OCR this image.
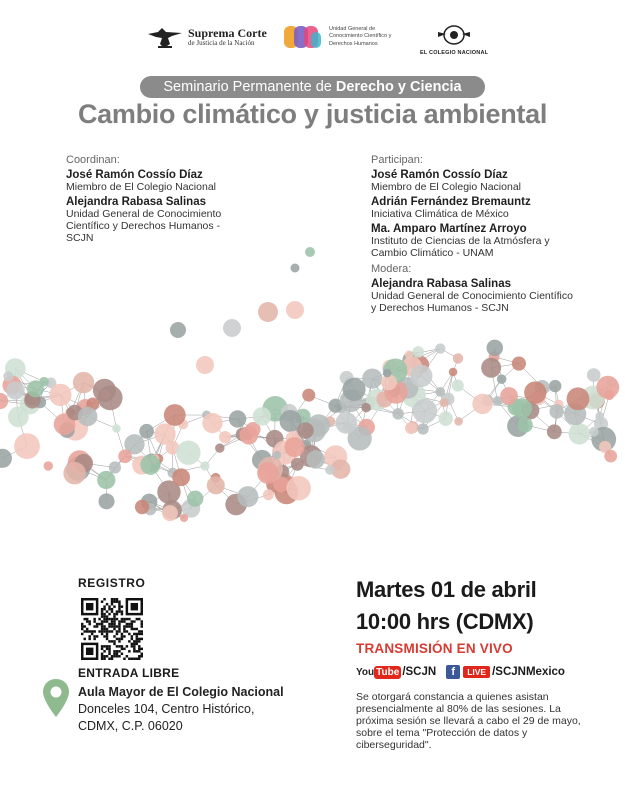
Suprema Corte
de Justicia de la Nación
Unidad General de Conocimiento Científico y Derechos Humanos
EL COLEGIO NACIONAL
Seminario Permanente de Derecho y Ciencia
Cambio climático y justicia ambiental
Coordinan:
José Ramón Cossío Díaz
Miembro de El Colegio Nacional
Alejandra Rabasa Salinas
Unidad General de Conocimiento Científico y Derechos Humanos - SCJN
Participan:
José Ramón Cossío Díaz
Miembro de El Colegio Nacional
Adrián Fernández Bremauntz
Iniciativa Climática de México
Ma. Amparo Martínez Arroyo
Instituto de Ciencias de la Atmósfera y Cambio Climático - UNAM
Modera:
Alejandra Rabasa Salinas
Unidad General de Conocimiento Científico y Derechos Humanos - SCJN
REGISTRO
ENTRADA LIBRE
Aula Mayor de El Colegio Nacional
Donceles 104, Centro Histórico,
CDMX, C.P. 06020
Martes 01 de abril
10:00 hrs (CDMX)
TRANSMISIÓN EN VIVO
You Tube /SCJN	f	LIVE /SCJNMexico
Se otorgará constancia a quienes asistan presencialmente al 80% de las sesiones. La próxima sesión se llevará a cabo el 29 de mayo, sobre el tema "Protección de datos y ciberseguridad".
